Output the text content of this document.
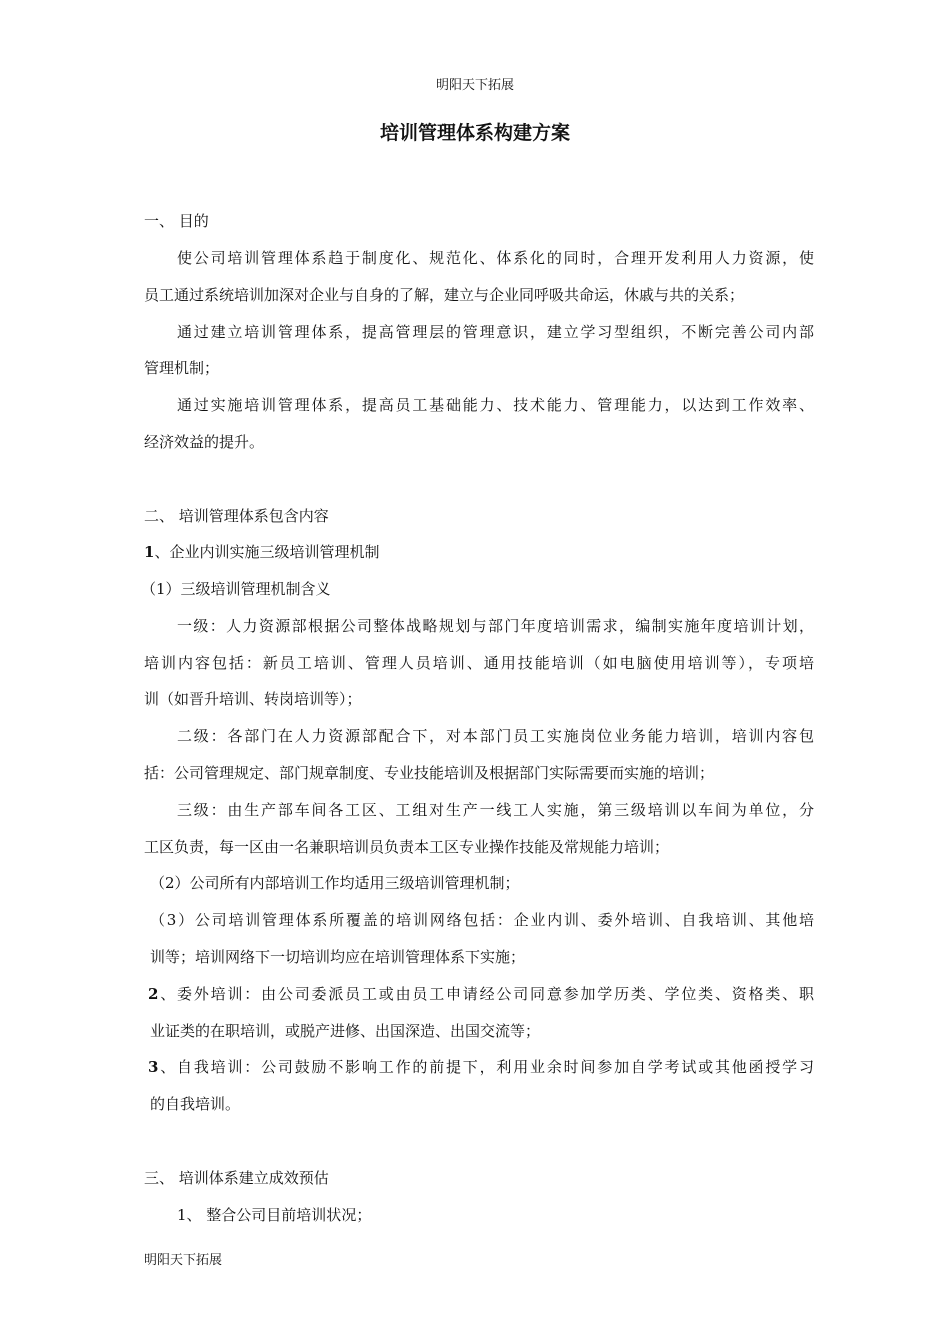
明阳天下拓展
培训管理体系构建方案
一、 目的
使公司培训管理体系趋于制度化、规范化、体系化的同时，合理开发利用人力资源，使
员工通过系统培训加深对企业与自身的了解，建立与企业同呼吸共命运，休戚与共的关系；
通过建立培训管理体系，提高管理层的管理意识，建立学习型组织，不断完善公司内部
管理机制；
通过实施培训管理体系，提高员工基础能力、技术能力、管理能力，以达到工作效率、
经济效益的提升。
二、 培训管理体系包含内容
1、企业内训实施三级培训管理机制
（1）三级培训管理机制含义
一级：人力资源部根据公司整体战略规划与部门年度培训需求，编制实施年度培训计划，
培训内容包括：新员工培训、管理人员培训、通用技能培训（如电脑使用培训等），专项培
训（如晋升培训、转岗培训等）；
二级：各部门在人力资源部配合下，对本部门员工实施岗位业务能力培训，培训内容包
括：公司管理规定、部门规章制度、专业技能培训及根据部门实际需要而实施的培训；
三级：由生产部车间各工区、工组对生产一线工人实施，第三级培训以车间为单位，分
工区负责，每一区由一名兼职培训员负责本工区专业操作技能及常规能力培训；
（2）公司所有内部培训工作均适用三级培训管理机制；
（3）公司培训管理体系所覆盖的培训网络包括：企业内训、委外培训、自我培训、其他培
训等；培训网络下一切培训均应在培训管理体系下实施；
2、委外培训：由公司委派员工或由员工申请经公司同意参加学历类、学位类、资格类、职
业证类的在职培训，或脱产进修、出国深造、出国交流等；
3、自我培训：公司鼓励不影响工作的前提下，利用业余时间参加自学考试或其他函授学习
的自我培训。
三、 培训体系建立成效预估
1、 整合公司目前培训状况；
明阳天下拓展
